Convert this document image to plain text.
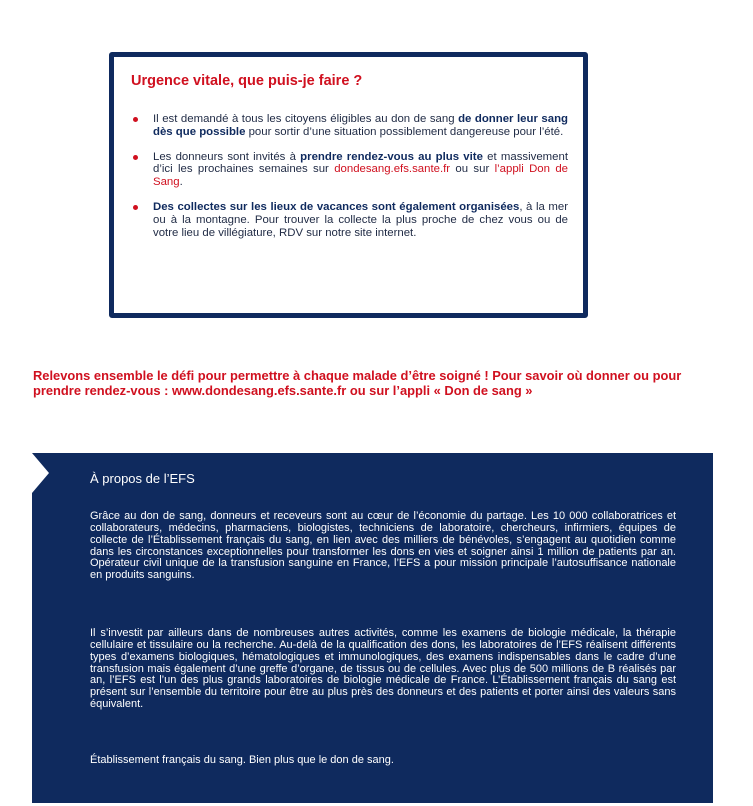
Urgence vitale, que puis-je faire ?
Il est demandé à tous les citoyens éligibles au don de sang de donner leur sang dès que possible pour sortir d’une situation possiblement dangereuse pour l’été.
Les donneurs sont invités à prendre rendez-vous au plus vite et massivement d’ici les prochaines semaines sur dondesang.efs.sante.fr ou sur l’appli Don de Sang.
Des collectes sur les lieux de vacances sont également organisées, à la mer ou à la montagne. Pour trouver la collecte la plus proche de chez vous ou de votre lieu de villégiature, RDV sur notre site internet.

Relevons ensemble le défi pour permettre à chaque malade d’être soigné ! Pour savoir où donner ou pour prendre rendez-vous : www.dondesang.efs.sante.fr ou sur l’appli « Don de sang »

À propos de l’EFS

Grâce au don de sang, donneurs et receveurs sont au cœur de l’économie du partage. Les 10 000 collaboratrices et collaborateurs, médecins, pharmaciens, biologistes, techniciens de laboratoire, chercheurs, infirmiers, équipes de collecte de l’Établissement français du sang, en lien avec des milliers de bénévoles, s’engagent au quotidien comme dans les circonstances exceptionnelles pour transformer les dons en vies et soigner ainsi 1 million de patients par an. Opérateur civil unique de la transfusion sanguine en France, l’EFS a pour mission principale l’autosuffisance nationale en produits sanguins.

Il s’investit par ailleurs dans de nombreuses autres activités, comme les examens de biologie médicale, la thérapie cellulaire et tissulaire ou la recherche. Au-delà de la qualification des dons, les laboratoires de l’EFS réalisent différents types d’examens biologiques, hématologiques et immunologiques, des examens indispensables dans le cadre d’une transfusion mais également d’une greffe d’organe, de tissus ou de cellules. Avec plus de 500 millions de B réalisés par an, l’EFS est l’un des plus grands laboratoires de biologie médicale de France. L’Établissement français du sang est présent sur l’ensemble du territoire pour être au plus près des donneurs et des patients et porter ainsi des valeurs sans équivalent.

Établissement français du sang. Bien plus que le don de sang.
